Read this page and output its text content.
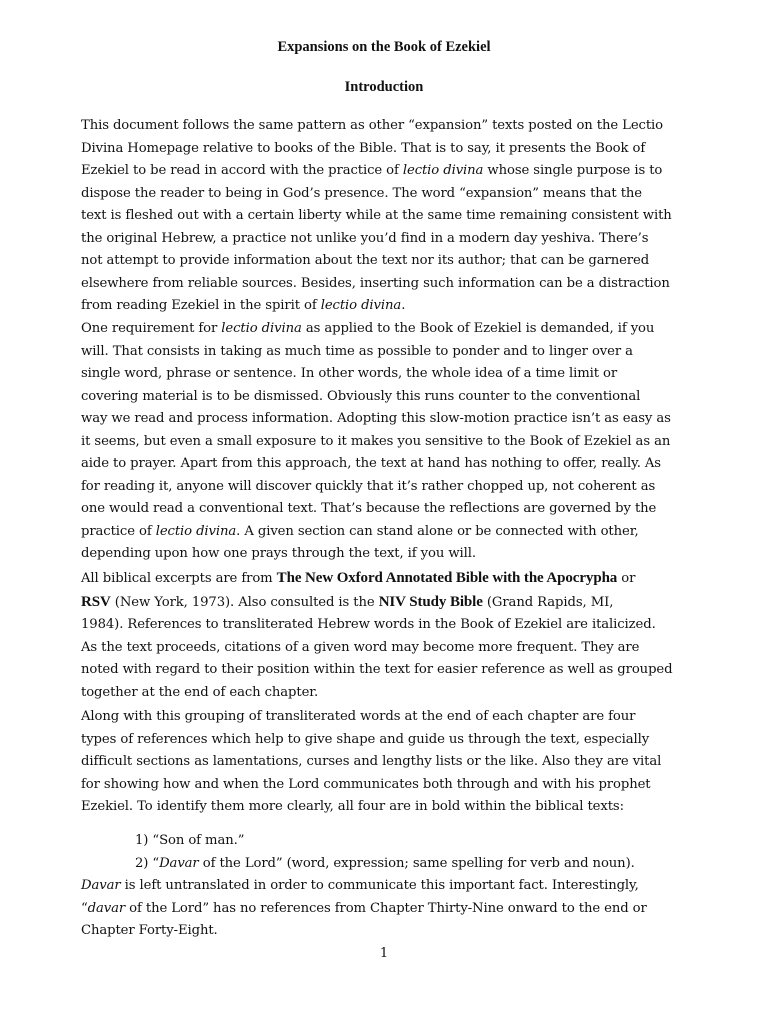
Expansions on the Book of Ezekiel
Introduction

This document follows the same pattern as other “expansion” texts posted on the Lectio
Divina Homepage relative to books of the Bible. That is to say, it presents the Book of
Ezekiel to be read in accord with the practice of lectio divina whose single purpose is to
dispose the reader to being in God’s presence. The word “expansion” means that the
text is fleshed out with a certain liberty while at the same time remaining consistent with
the original Hebrew, a practice not unlike you’d find in a modern day yeshiva. There’s
not attempt to provide information about the text nor its author; that can be garnered
elsewhere from reliable sources. Besides, inserting such information can be a distraction
from reading Ezekiel in the spirit of lectio divina.

One requirement for lectio divina as applied to the Book of Ezekiel is demanded, if you
will. That consists in taking as much time as possible to ponder and to linger over a
single word, phrase or sentence. In other words, the whole idea of a time limit or
covering material is to be dismissed. Obviously this runs counter to the conventional
way we read and process information. Adopting this slow-motion practice isn’t as easy as
it seems, but even a small exposure to it makes you sensitive to the Book of Ezekiel as an
aide to prayer. Apart from this approach, the text at hand has nothing to offer, really. As
for reading it, anyone will discover quickly that it’s rather chopped up, not coherent as
one would read a conventional text. That’s because the reflections are governed by the
practice of lectio divina. A given section can stand alone or be connected with other,
depending upon how one prays through the text, if you will.

All biblical excerpts are from The New Oxford Annotated Bible with the Apocrypha or
RSV (New York, 1973). Also consulted is the NIV Study Bible (Grand Rapids, MI,
1984). References to transliterated Hebrew words in the Book of Ezekiel are italicized.
As the text proceeds, citations of a given word may become more frequent. They are
noted with regard to their position within the text for easier reference as well as grouped
together at the end of each chapter.

Along with this grouping of transliterated words at the end of each chapter are four
types of references which help to give shape and guide us through the text, especially
difficult sections as lamentations, curses and lengthy lists or the like. Also they are vital
for showing how and when the Lord communicates both through and with his prophet
Ezekiel. To identify them more clearly, all four are in bold within the biblical texts:

1) “Son of man.”
2) “Davar of the Lord” (word, expression; same spelling for verb and noun).
Davar is left untranslated in order to communicate this important fact. Interestingly,
“davar of the Lord” has no references from Chapter Thirty-Nine onward to the end or
Chapter Forty-Eight.

1
